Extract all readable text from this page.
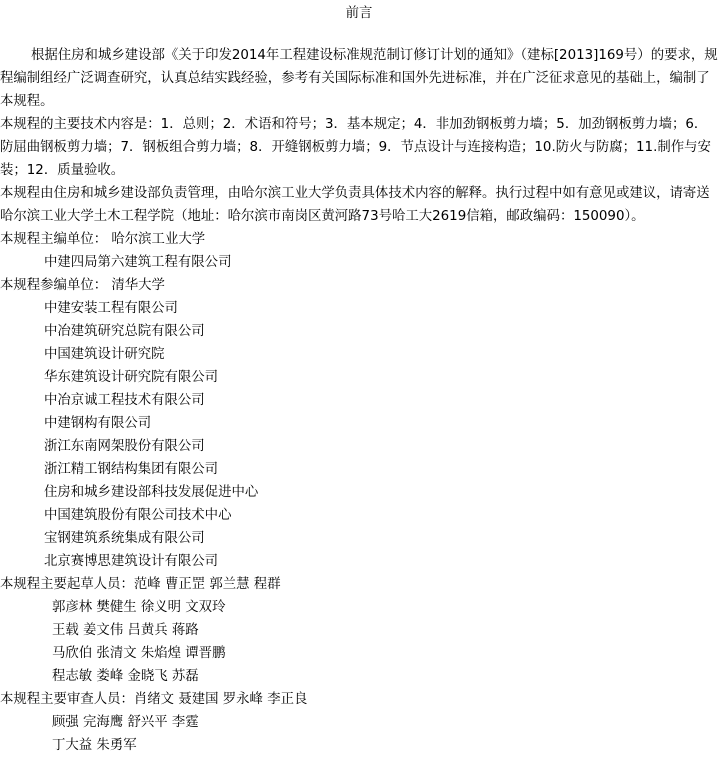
前言

根据住房和城乡建设部《关于印发2014年工程建设标准规范制订修订计划的通知》（建标[2013]169号）的要求，规程编制组经广泛调查研究，认真总结实践经验，参考有关国际标准和国外先进标准，并在广泛征求意见的基础上，编制了本规程。

本规程的主要技术内容是：1．总则；2．术语和符号；3．基本规定；4．非加劲钢板剪力墙；5．加劲钢板剪力墙；6．防屈曲钢板剪力墙；7．钢板组合剪力墙；8．开缝钢板剪力墙；9．节点设计与连接构造；10.防火与防腐；11.制作与安装；12．质量验收。

本规程由住房和城乡建设部负责管理，由哈尔滨工业大学负责具体技术内容的解释。执行过程中如有意见或建议，请寄送哈尔滨工业大学土木工程学院（地址：哈尔滨市南岗区黄河路73号哈工大2619信箱，邮政编码：150090）。

本规程主编单位： 哈尔滨工业大学
中建四局第六建筑工程有限公司
本规程参编单位： 清华大学
中建安装工程有限公司
中冶建筑研究总院有限公司
中国建筑设计研究院
华东建筑设计研究院有限公司
中冶京诚工程技术有限公司
中建钢构有限公司
浙江东南网架股份有限公司
浙江精工钢结构集团有限公司
住房和城乡建设部科技发展促进中心
中国建筑股份有限公司技术中心
宝钢建筑系统集成有限公司
北京赛博思建筑设计有限公司
本规程主要起草人员：范峰 曹正罡 郭兰慧 程群
郭彦林 樊健生 徐义明 文双玲
王载 姜文伟 吕黄兵 蒋路
马欣伯 张清文 朱焰煌 谭晋鹏
程志敏 娄峰 金晓飞 苏磊
本规程主要审查人员：肖绪文 聂建国 罗永峰 李正良
顾强 完海鹰 舒兴平 李霆
丁大益 朱勇军
